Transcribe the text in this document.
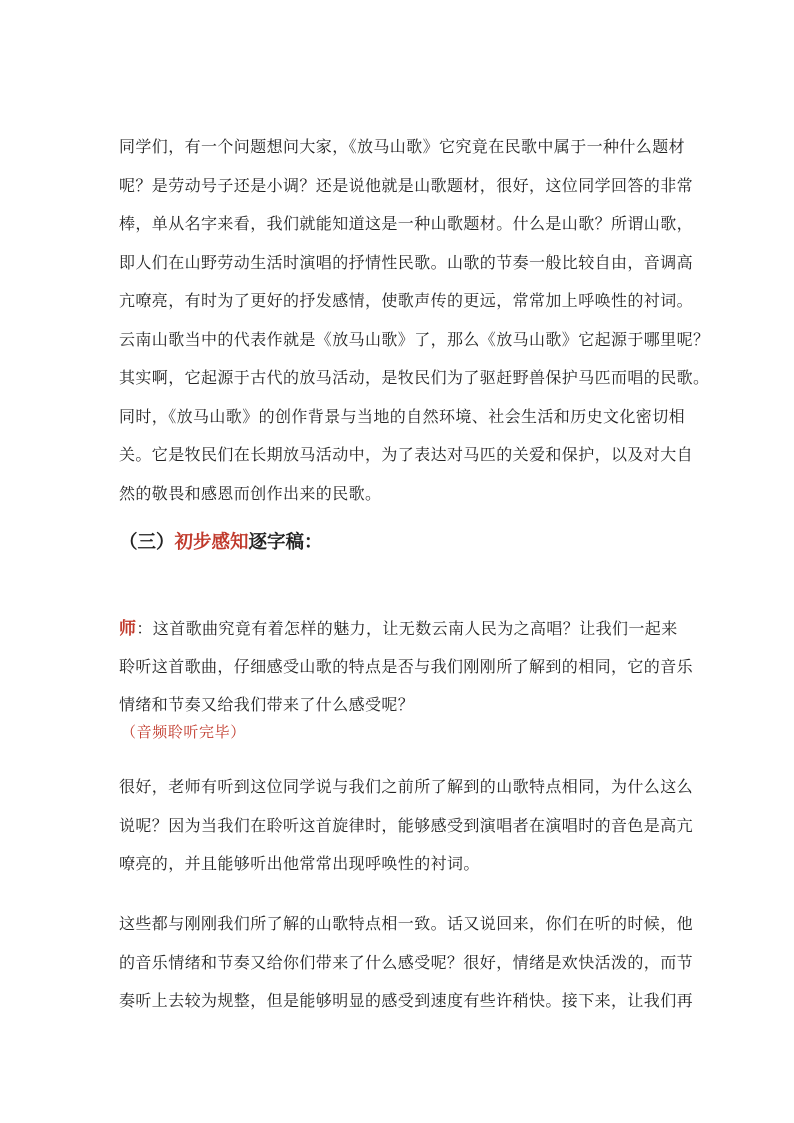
同学们，有一个问题想问大家，《放马山歌》它究竟在民歌中属于一种什么题材
呢？是劳动号子还是小调？还是说他就是山歌题材，很好，这位同学回答的非常
棒，单从名字来看，我们就能知道这是一种山歌题材。什么是山歌？所谓山歌，
即人们在山野劳动生活时演唱的抒情性民歌。山歌的节奏一般比较自由，音调高
亢嘹亮，有时为了更好的抒发感情，使歌声传的更远，常常加上呼唤性的衬词。
云南山歌当中的代表作就是《放马山歌》了，那么《放马山歌》它起源于哪里呢？
其实啊，它起源于古代的放马活动，是牧民们为了驱赶野兽保护马匹而唱的民歌。
同时，《放马山歌》的创作背景与当地的自然环境、社会生活和历史文化密切相
关。它是牧民们在长期放马活动中，为了表达对马匹的关爱和保护，以及对大自
然的敬畏和感恩而创作出来的民歌。
（三）初步感知逐字稿：
师：这首歌曲究竟有着怎样的魅力，让无数云南人民为之高唱？让我们一起来
聆听这首歌曲，仔细感受山歌的特点是否与我们刚刚所了解到的相同，它的音乐
情绪和节奏又给我们带来了什么感受呢？
（音频聆听完毕）
很好，老师有听到这位同学说与我们之前所了解到的山歌特点相同，为什么这么
说呢？因为当我们在聆听这首旋律时，能够感受到演唱者在演唱时的音色是高亢
嘹亮的，并且能够听出他常常出现呼唤性的衬词。
这些都与刚刚我们所了解的山歌特点相一致。话又说回来，你们在听的时候，他
的音乐情绪和节奏又给你们带来了什么感受呢？很好，情绪是欢快活泼的，而节
奏听上去较为规整，但是能够明显的感受到速度有些许稍快。接下来，让我们再
